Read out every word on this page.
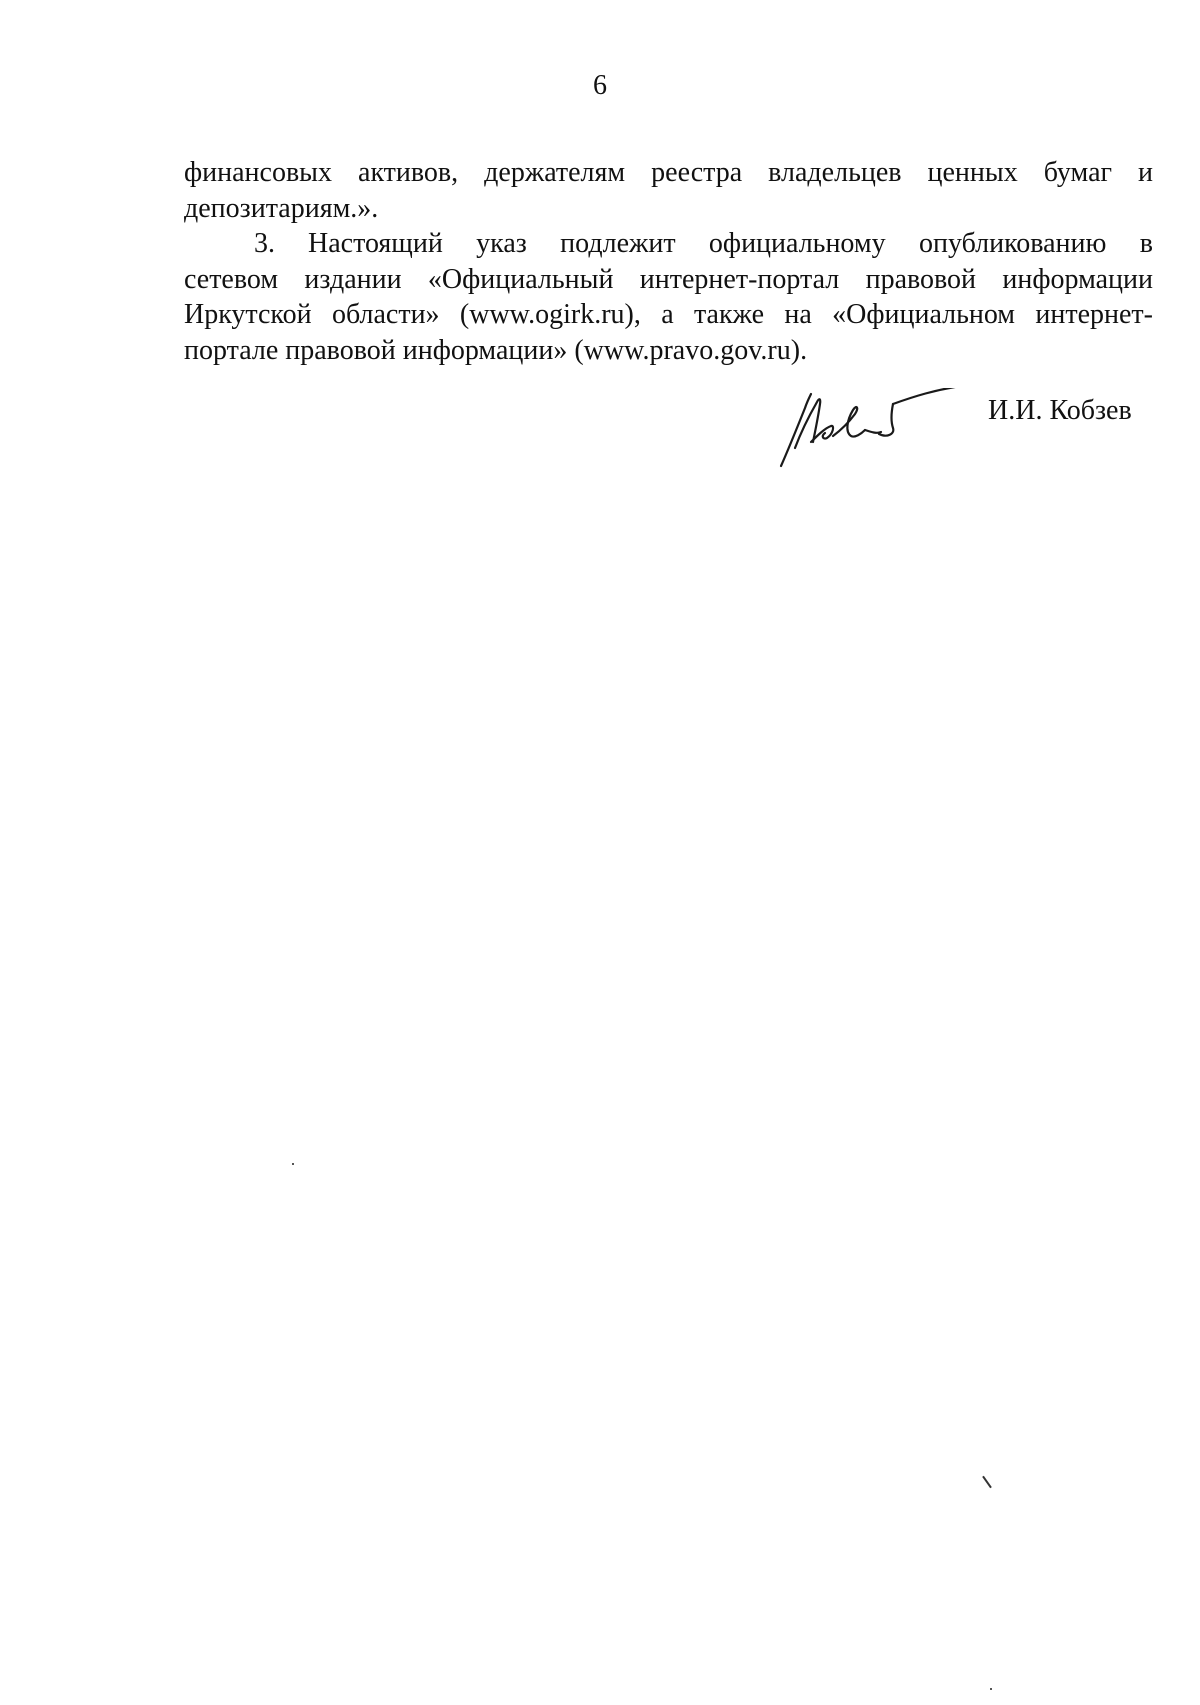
6

финансовых активов, держателям реестра владельцев ценных бумаг и
депозитариям.».

3.	Настоящий указ подлежит официальному опубликованию в
сетевом издании «Официальный интернет-портал правовой информации
Иркутской области» (www.ogirk.ru), а также на «Официальном интернет-
портале правовой информации» (www.pravo.gov.ru).

И.И. Кобзев
